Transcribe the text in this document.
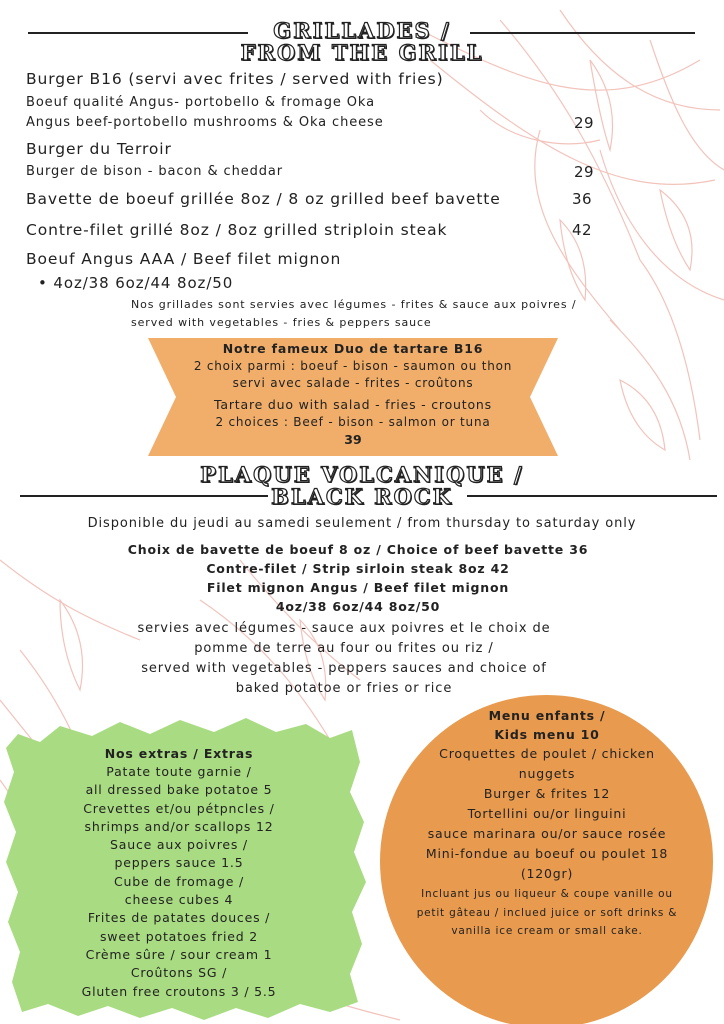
GRILLADES /
FROM THE GRILL
Burger B16 (servi avec frites / served with fries)
Boeuf qualité Angus- portobello & fromage Oka
Angus beef-portobello mushrooms & Oka cheese	29
Burger du Terroir
Burger de bison - bacon & cheddar	29
Bavette de boeuf grillée 8oz / 8 oz grilled beef bavette	36
Contre-filet grillé 8oz / 8oz grilled striploin steak	42
Boeuf Angus AAA / Beef filet mignon
• 4oz/38 6oz/44 8oz/50
Nos grillades sont servies avec légumes - frites & sauce aux poivres /
served with vegetables - fries & peppers sauce
Notre fameux Duo de tartare B16
2 choix parmi : boeuf - bison - saumon ou thon
servi avec salade - frites - croûtons
Tartare duo with salad - fries - croutons
2 choices : Beef - bison - salmon or tuna
39
PLAQUE VOLCANIQUE /
BLACK ROCK
Disponible du jeudi au samedi seulement / from thursday to saturday only
Choix de bavette de boeuf 8 oz / Choice of beef bavette 36
Contre-filet / Strip sirloin steak 8oz 42
Filet mignon Angus / Beef filet mignon
4oz/38 6oz/44 8oz/50
servies avec légumes - sauce aux poivres et le choix de
pomme de terre au four ou frites ou riz /
served with vegetables - peppers sauces and choice of
baked potatoe or fries or rice
Nos extras / Extras
Patate toute garnie /
all dressed bake potatoe 5
Crevettes et/ou pétpncles /
shrimps and/or scallops 12
Sauce aux poivres /
peppers sauce 1.5
Cube de fromage /
cheese cubes 4
Frites de patates douces /
sweet potatoes fried 2
Crème sûre / sour cream 1
Croûtons SG /
Gluten free croutons 3 / 5.5
Menu enfants /
Kids menu 10
Croquettes de poulet / chicken
nuggets
Burger & frites 12
Tortellini ou/or linguini
sauce marinara ou/or sauce rosée
Mini-fondue au boeuf ou poulet 18
(120gr)
Incluant jus ou liqueur & coupe vanille ou
petit gâteau / inclued juice or soft drinks &
vanilla ice cream or small cake.
